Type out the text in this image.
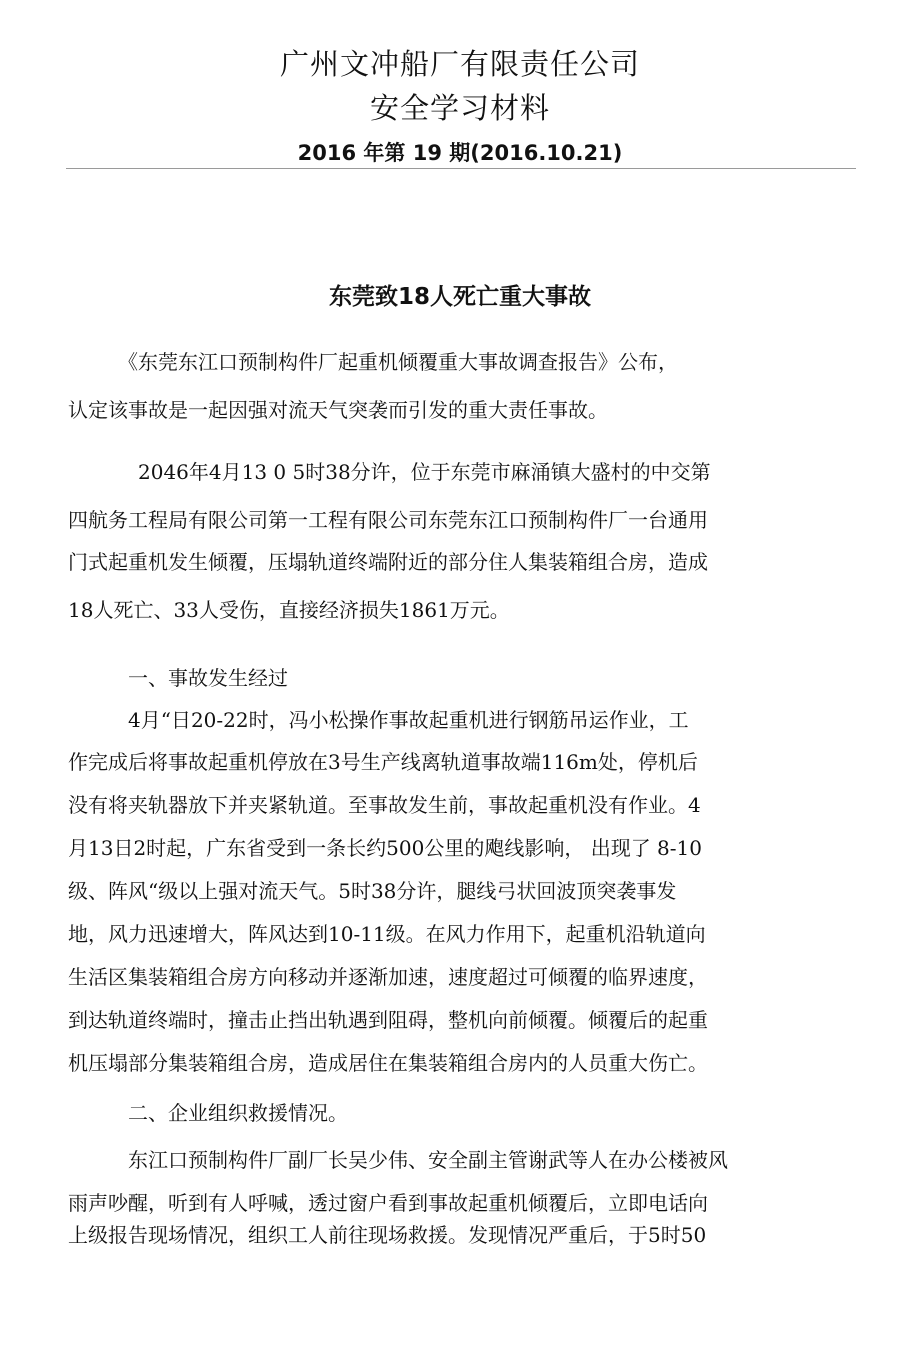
广州文冲船厂有限责任公司
安全学习材料
2016 年第 19 期(2016.10.21)
东莞致18人死亡重大事故
《东莞东江口预制构件厂起重机倾覆重大事故调查报告》公布，
认定该事故是一起因强对流天气突袭而引发的重大责任事故。
2046年4月13 0 5时38分许，位于东莞市麻涌镇大盛村的中交第
四航务工程局有限公司第一工程有限公司东莞东江口预制构件厂一台通用
门式起重机发生倾覆，压塌轨道终端附近的部分住人集装箱组合房，造成
18人死亡、33人受伤，直接经济损失1861万元。
一、事故发生经过
4月“日20-22时，冯小松操作事故起重机进行钢筋吊运作业，工
作完成后将事故起重机停放在3号生产线离轨道事故端116m处，停机后
没有将夹轨器放下并夹紧轨道。至事故发生前，事故起重机没有作业。4
月13日2时起，广东省受到一条长约500公里的飑线影响， 出现了 8-10
级、阵风“级以上强对流天气。5时38分许，腿线弓状回波顶突袭事发
地，风力迅速增大，阵风达到10-11级。在风力作用下，起重机沿轨道向
生活区集装箱组合房方向移动并逐渐加速，速度超过可倾覆的临界速度，
到达轨道终端时，撞击止挡出轨遇到阻碍，整机向前倾覆。倾覆后的起重
机压塌部分集装箱组合房，造成居住在集装箱组合房内的人员重大伤亡。
二、企业组织救援情况。
东江口预制构件厂副厂长吴少伟、安全副主管谢武等人在办公楼被风
雨声吵醒，听到有人呼喊，透过窗户看到事故起重机倾覆后，立即电话向
上级报告现场情况，组织工人前往现场救援。发现情况严重后，于5时50
